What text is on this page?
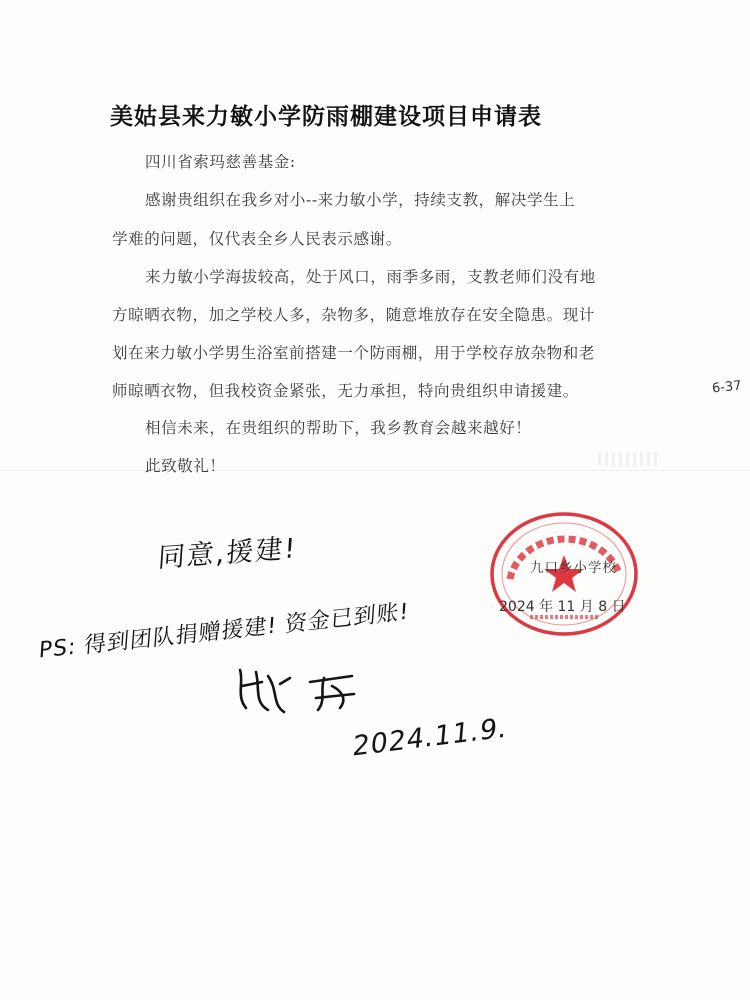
美姑县来力敏小学防雨棚建设项目申请表
四川省索玛慈善基金:
感谢贵组织在我乡对小--来力敏小学，持续支教，解决学生上
学难的问题，仅代表全乡人民表示感谢。
来力敏小学海拔较高，处于风口，雨季多雨，支教老师们没有地
方晾晒衣物，加之学校人多，杂物多，随意堆放存在安全隐患。现计
划在来力敏小学男生浴室前搭建一个防雨棚，用于学校存放杂物和老
师晾晒衣物，但我校资金紧张，无力承担，特向贵组织申请援建。
相信未来，在贵组织的帮助下，我乡教育会越来越好！
此致敬礼！
6-37
九口乡小学校
2024 年 11 月 8 日
同意,援建!
PS: 得到团队捐赠援建! 资金已到账!
2024.11.9.
